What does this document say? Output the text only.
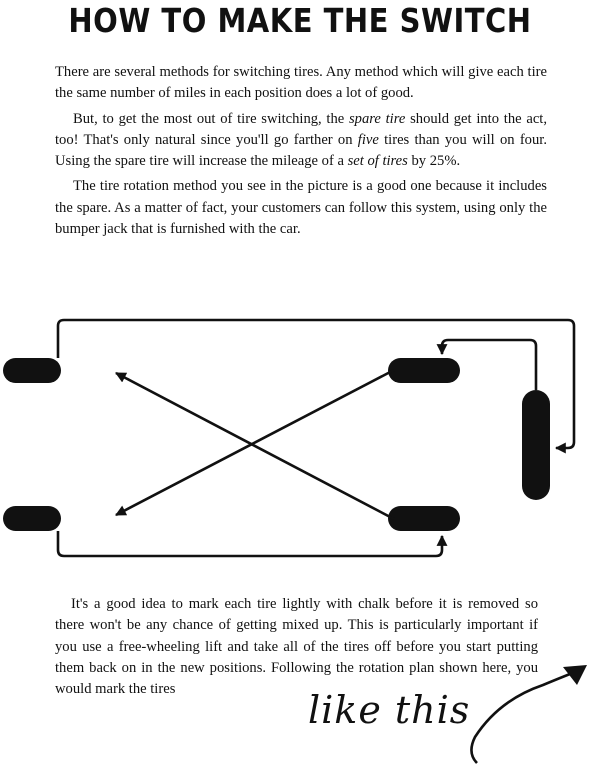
HOW TO MAKE THE SWITCH

There are several methods for switching tires. Any method which will give each tire the same number of miles in each position does a lot of good.

But, to get the most out of tire switching, the spare tire should get into the act, too! That's only natural since you'll go farther on five tires than you will on four. Using the spare tire will increase the mileage of a set of tires by 25%.

The tire rotation method you see in the picture is a good one because it includes the spare. As a matter of fact, your customers can follow this system, using only the bumper jack that is furnished with the car.

It's a good idea to mark each tire lightly with chalk before it is removed so there won't be any chance of getting mixed up. This is particularly important if you use a free-wheeling lift and take all of the tires off before you start putting them back on in the new positions. Following the rotation plan shown here, you would mark the tires	like this
